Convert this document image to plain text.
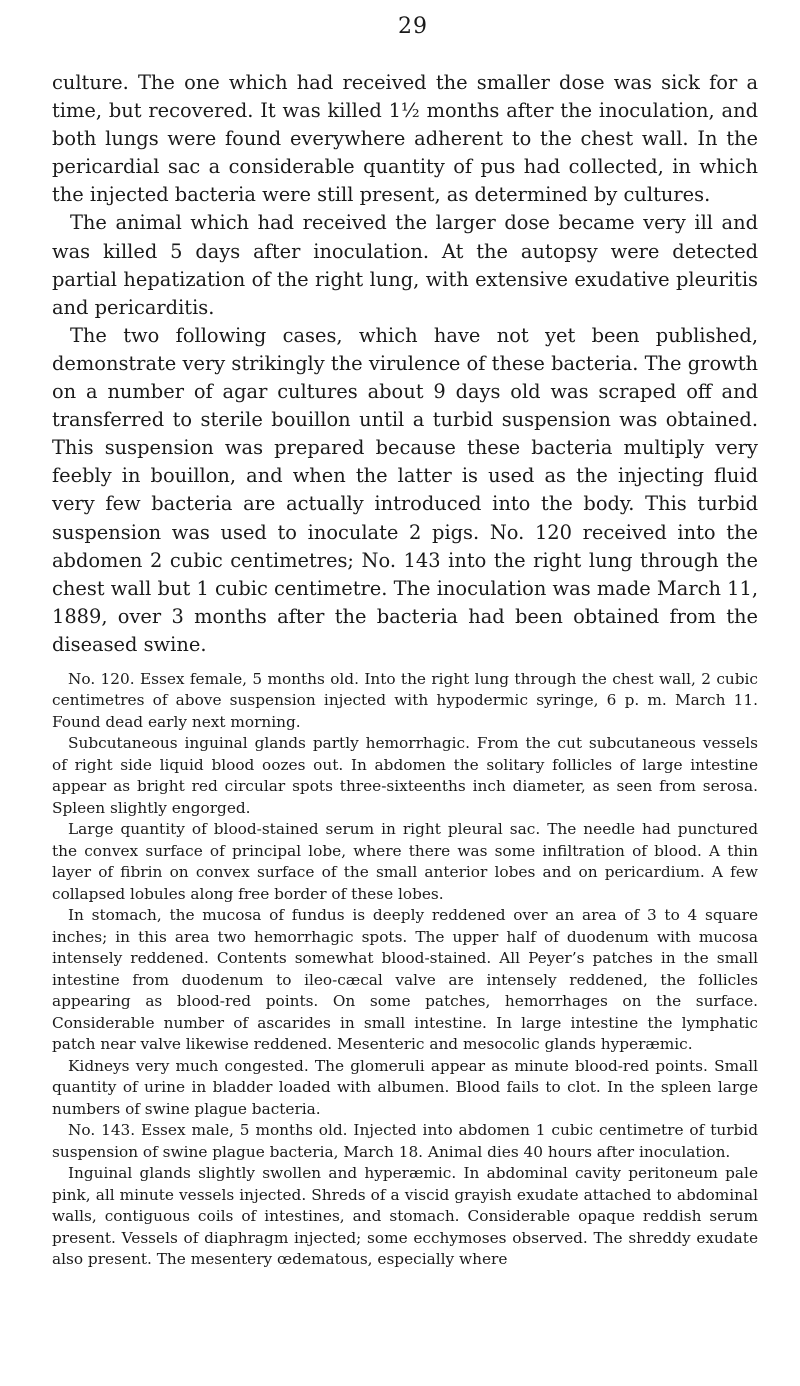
29

culture. The one which had received the smaller dose was sick for a time, but recovered. It was killed 1½ months after the inoculation, and both lungs were found everywhere adherent to the chest wall. In the pericardial sac a considerable quantity of pus had collected, in which the injected bacteria were still present, as determined by cultures.

The animal which had received the larger dose became very ill and was killed 5 days after inoculation. At the autopsy were detected partial hepatization of the right lung, with extensive exudative pleuritis and pericarditis.

The two following cases, which have not yet been published, demonstrate very strikingly the virulence of these bacteria. The growth on a number of agar cultures about 9 days old was scraped off and transferred to sterile bouillon until a turbid suspension was obtained. This suspension was prepared because these bacteria multiply very feebly in bouillon, and when the latter is used as the injecting fluid very few bacteria are actually introduced into the body. This turbid suspension was used to inoculate 2 pigs. No. 120 received into the abdomen 2 cubic centimetres; No. 143 into the right lung through the chest wall but 1 cubic centimetre. The inoculation was made March 11, 1889, over 3 months after the bacteria had been obtained from the diseased swine.

No. 120. Essex female, 5 months old. Into the right lung through the chest wall, 2 cubic centimetres of above suspension injected with hypodermic syringe, 6 p. m. March 11. Found dead early next morning.

Subcutaneous inguinal glands partly hemorrhagic. From the cut subcutaneous vessels of right side liquid blood oozes out. In abdomen the solitary follicles of large intestine appear as bright red circular spots three-sixteenths inch diameter, as seen from serosa. Spleen slightly engorged.

Large quantity of blood-stained serum in right pleural sac. The needle had punctured the convex surface of principal lobe, where there was some infiltration of blood. A thin layer of fibrin on convex surface of the small anterior lobes and on pericardium. A few collapsed lobules along free border of these lobes.

In stomach, the mucosa of fundus is deeply reddened over an area of 3 to 4 square inches; in this area two hemorrhagic spots. The upper half of duodenum with mucosa intensely reddened. Contents somewhat blood-stained. All Peyer’s patches in the small intestine from duodenum to ileo-cæcal valve are intensely reddened, the follicles appearing as blood-red points. On some patches, hemorrhages on the surface. Considerable number of ascarides in small intestine. In large intestine the lymphatic patch near valve likewise reddened. Mesenteric and mesocolic glands hyperæmic.

Kidneys very much congested. The glomeruli appear as minute blood-red points. Small quantity of urine in bladder loaded with albumen. Blood fails to clot. In the spleen large numbers of swine plague bacteria.

No. 143. Essex male, 5 months old. Injected into abdomen 1 cubic centimetre of turbid suspension of swine plague bacteria, March 18. Animal dies 40 hours after inoculation.

Inguinal glands slightly swollen and hyperæmic. In abdominal cavity peritoneum pale pink, all minute vessels injected. Shreds of a viscid grayish exudate attached to abdominal walls, contiguous coils of intestines, and stomach. Considerable opaque reddish serum present. Vessels of diaphragm injected; some ecchymoses observed. The shreddy exudate also present. The mesentery œdematous, especially where
